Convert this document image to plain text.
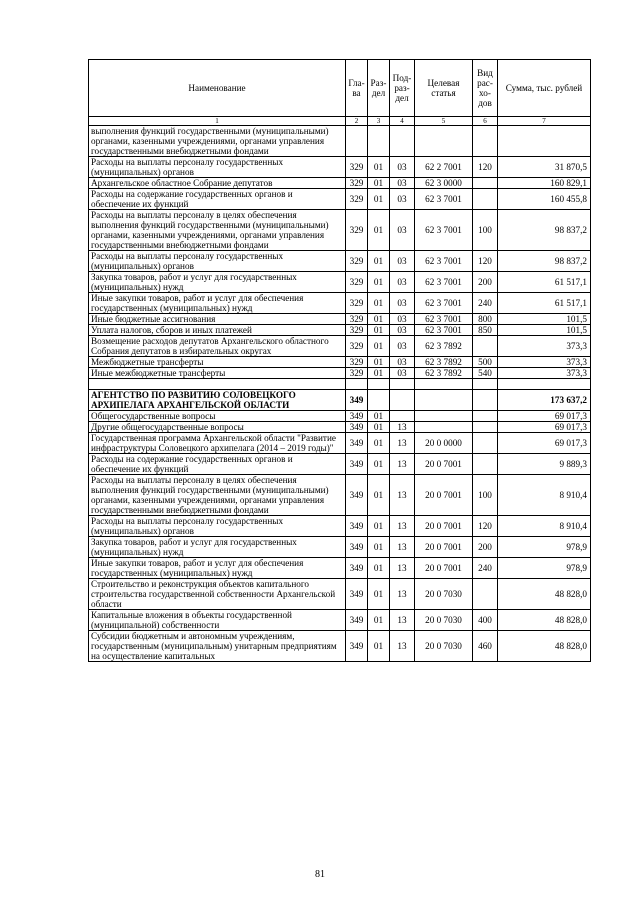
Наименование	Гла-ва	Раз-дел	Под-раз-дел	Целевая статья	Вид рас-хо-дов	Сумма, тыс. рублей
1	2	3	4	5	6	7
выполнения функций государственными (муниципальными) органами, казенными учреждениями, органами управления государственными внебюджетными фондами						
Расходы на выплаты персоналу государственных (муниципальных) органов	329	01	03	62 2 7001	120	31 870,5
Архангельское областное Собрание депутатов	329	01	03	62 3 0000		160 829,1
Расходы на содержание государственных органов и обеспечение их функций	329	01	03	62 3 7001		160 455,8
Расходы на выплаты персоналу в целях обеспечения выполнения функций государственными (муниципальными) органами, казенными учреждениями, органами управления государственными внебюджетными фондами	329	01	03	62 3 7001	100	98 837,2
Расходы на выплаты персоналу государственных (муниципальных) органов	329	01	03	62 3 7001	120	98 837,2
Закупка товаров, работ и услуг для государственных (муниципальных) нужд	329	01	03	62 3 7001	200	61 517,1
Иные закупки товаров, работ и услуг для обеспечения государственных (муниципальных) нужд	329	01	03	62 3 7001	240	61 517,1
Иные бюджетные ассигнования	329	01	03	62 3 7001	800	101,5
Уплата налогов, сборов и иных платежей	329	01	03	62 3 7001	850	101,5
Возмещение расходов депутатов Архангельского областного Собрания депутатов в избирательных округах	329	01	03	62 3 7892		373,3
Межбюджетные трансферты	329	01	03	62 3 7892	500	373,3
Иные межбюджетные трансферты	329	01	03	62 3 7892	540	373,3

АГЕНТСТВО ПО РАЗВИТИЮ СОЛОВЕЦКОГО АРХИПЕЛАГА АРХАНГЕЛЬСКОЙ ОБЛАСТИ	349					173 637,2
Общегосударственные вопросы	349	01				69 017,3
Другие общегосударственные вопросы	349	01	13			69 017,3
Государственная программа Архангельской области "Развитие инфраструктуры Соловецкого архипелага (2014 – 2019 годы)"	349	01	13	20 0 0000		69 017,3
Расходы на содержание государственных органов и обеспечение их функций	349	01	13	20 0 7001		9 889,3
Расходы на выплаты персоналу в целях обеспечения выполнения функций государственными (муниципальными) органами, казенными учреждениями, органами управления государственными внебюджетными фондами	349	01	13	20 0 7001	100	8 910,4
Расходы на выплаты персоналу государственных (муниципальных) органов	349	01	13	20 0 7001	120	8 910,4
Закупка товаров, работ и услуг для государственных (муниципальных) нужд	349	01	13	20 0 7001	200	978,9
Иные закупки товаров, работ и услуг для обеспечения государственных (муниципальных) нужд	349	01	13	20 0 7001	240	978,9
Строительство и реконструкция объектов капитального строительства государственной собственности Архангельской области	349	01	13	20 0 7030		48 828,0
Капитальные вложения в объекты государственной (муниципальной) собственности	349	01	13	20 0 7030	400	48 828,0
Субсидии бюджетным и автономным учреждениям, государственным (муниципальным) унитарным предприятиям на осуществление капитальных	349	01	13	20 0 7030	460	48 828,0
81
